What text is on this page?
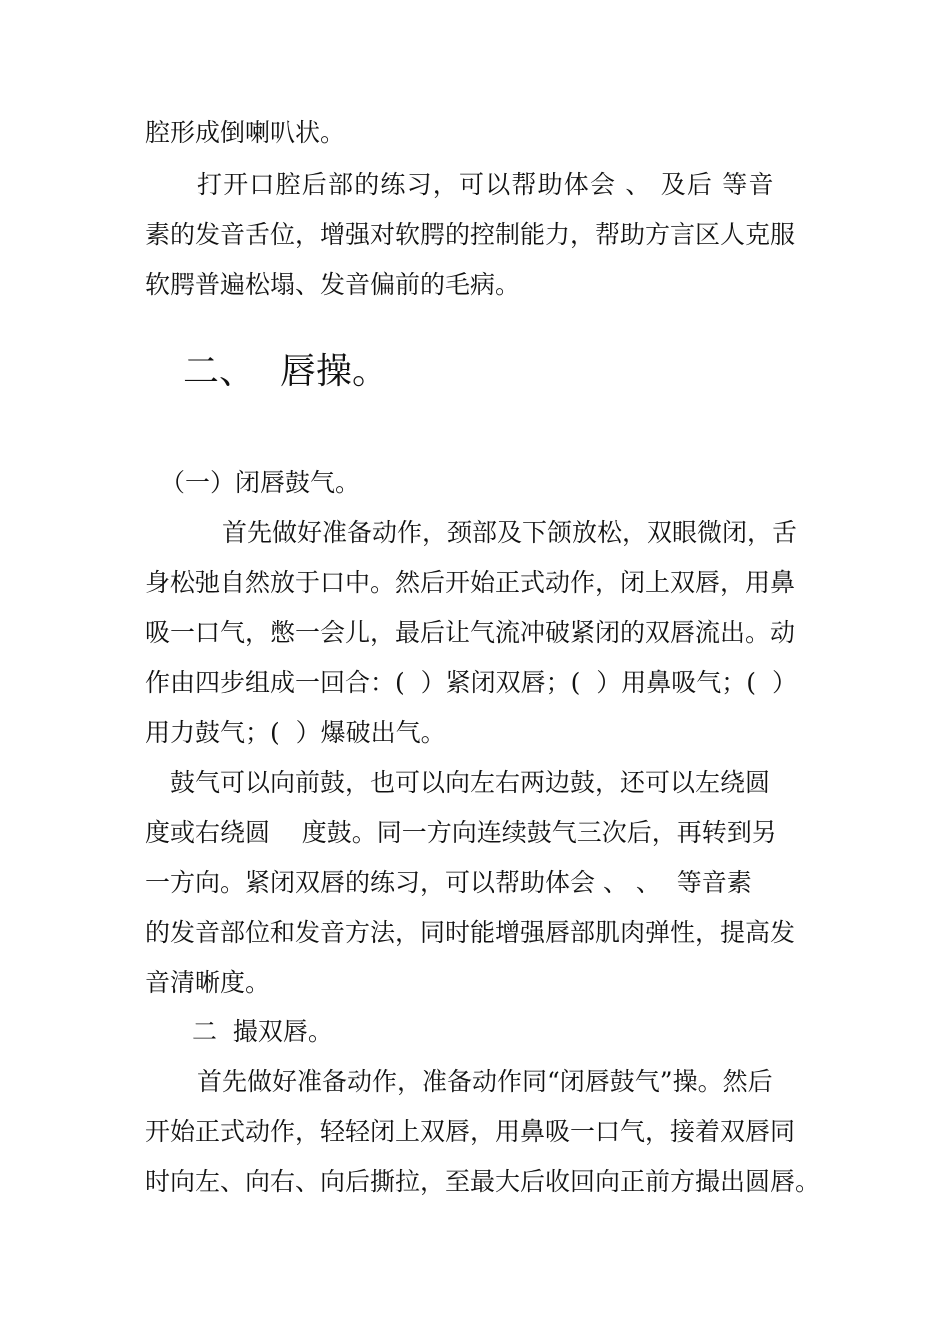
腔形成倒喇叭状。
打开口腔后部的练习，可以帮助体会 、 及后 等音
素的发音舌位，增强对软腭的控制能力，帮助方言区人克服
软腭普遍松塌、发音偏前的毛病。
二、 唇操。
（一）闭唇鼓气。
首先做好准备动作，颈部及下颌放松，双眼微闭，舌
身松弛自然放于口中。然后开始正式动作，闭上双唇，用鼻
吸一口气，憋一会儿，最后让气流冲破紧闭的双唇流出。动
作由四步组成一回合：(  ）紧闭双唇；(  ）用鼻吸气；(  ）
用力鼓气；(  ）爆破出气。
鼓气可以向前鼓，也可以向左右两边鼓，还可以左绕圆
度或右绕圆    度鼓。同一方向连续鼓气三次后，再转到另
一方向。紧闭双唇的练习，可以帮助体会 、 、  等音素
的发音部位和发音方法，同时能增强唇部肌肉弹性，提高发
音清晰度。
二  撮双唇。
首先做好准备动作，准备动作同“闭唇鼓气”操。然后
开始正式动作，轻轻闭上双唇，用鼻吸一口气，接着双唇同
时向左、向右、向后撕拉，至最大后收回向正前方撮出圆唇。
